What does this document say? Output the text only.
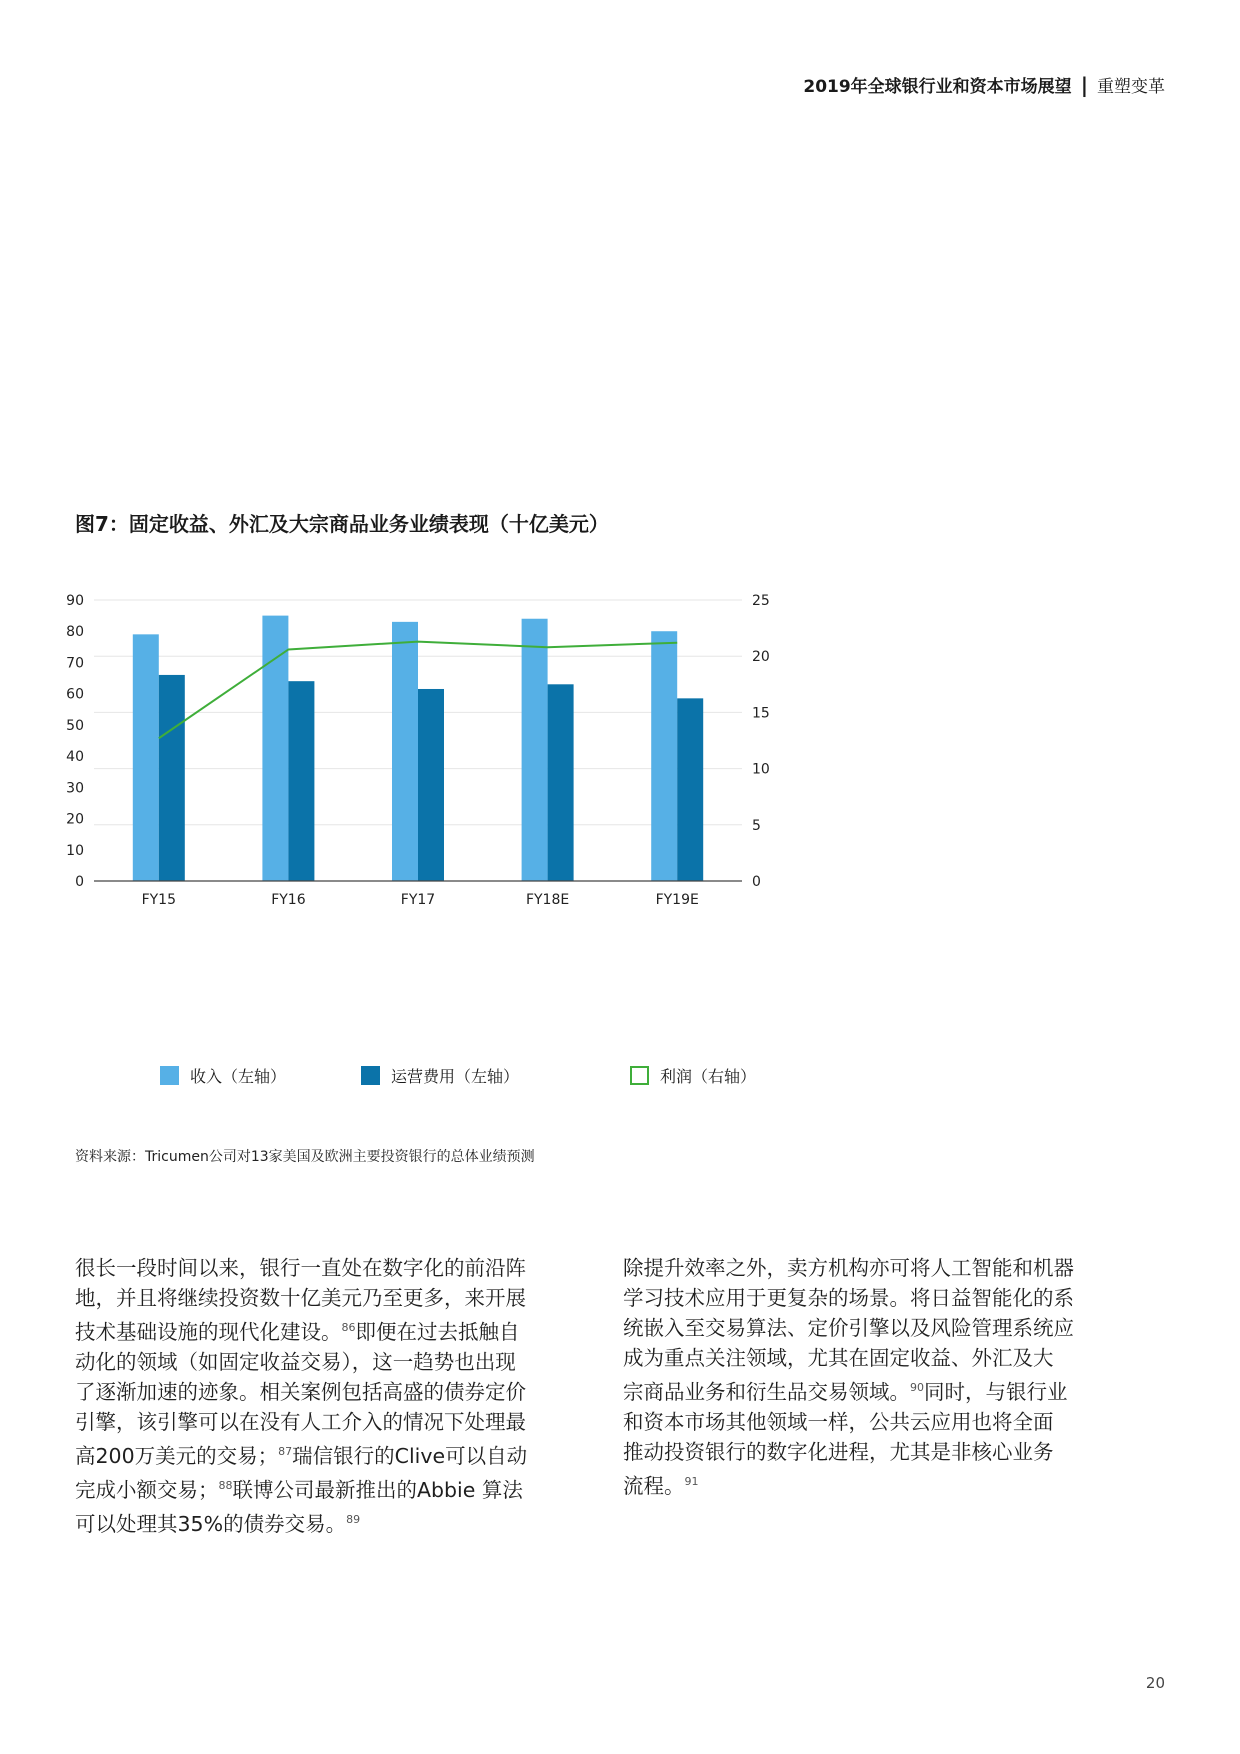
2019年全球银行业和资本市场展望 | 重塑变革
图7：固定收益、外汇及大宗商品业务业绩表现（十亿美元）
0
10
20
30
40
50
60
70
80
90
0
5
10
15
20
25
FY15	FY16	FY17	FY18E	FY19E
收入（左轴）	运营费用（左轴）	利润（右轴）
资料来源：Tricumen公司对13家美国及欧洲主要投资银行的总体业绩预测
很长一段时间以来，银行一直处在数字化的前沿阵
地，并且将继续投资数十亿美元乃至更多，来开展
技术基础设施的现代化建设。$^{86}$即便在过去抵触自
动化的领域（如固定收益交易），这一趋势也出现
了逐渐加速的迹象。相关案例包括高盛的债券定价
引擎，该引擎可以在没有人工介入的情况下处理最
高200万美元的交易；$^{87}$瑞信银行的Clive可以自动
完成小额交易；$^{88}$联博公司最新推出的Abbie 算法
可以处理其35%的债券交易。$^{89}$
除提升效率之外，卖方机构亦可将人工智能和机器
学习技术应用于更复杂的场景。将日益智能化的系
统嵌入至交易算法、定价引擎以及风险管理系统应
成为重点关注领域，尤其在固定收益、外汇及大
宗商品业务和衍生品交易领域。$^{90}$同时，与银行业
和资本市场其他领域一样，公共云应用也将全面
推动投资银行的数字化进程，尤其是非核心业务
流程。$^{91}$
20
